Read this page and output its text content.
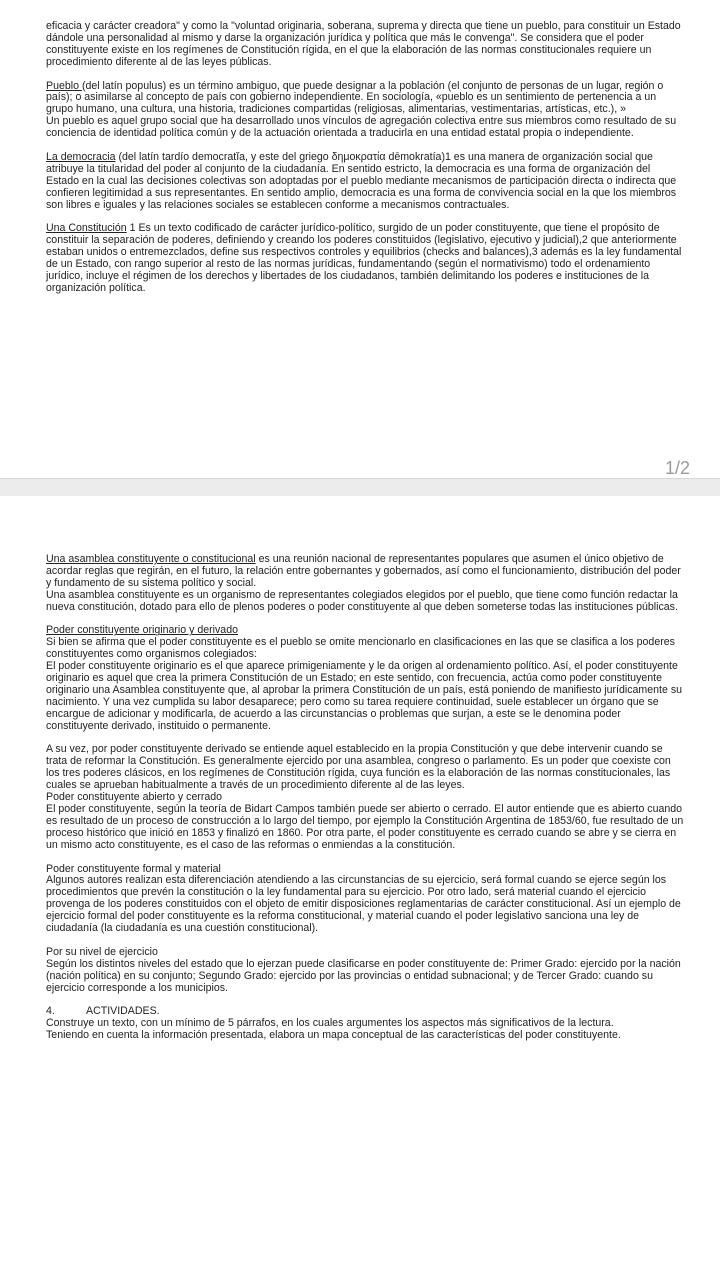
eficacia y carácter creadora" y como la "voluntad originaria, soberana, suprema y directa que tiene un pueblo, para constituir un Estado dándole una personalidad al mismo y darse la organización jurídica y política que más le convenga". Se considera que el poder constituyente existe en los regímenes de Constitución rígida, en el que la elaboración de las normas constitucionales requiere un procedimiento diferente al de las leyes públicas.

Pueblo (del latín populus) es un término ambiguo, que puede designar a la población (el conjunto de personas de un lugar, región o país); o asimilarse al concepto de país con gobierno independiente. En sociología, «pueblo es un sentimiento de pertenencia a un grupo humano, una cultura, una historia, tradiciones compartidas (religiosas, alimentarias, vestimentarias, artísticas, etc.), »

Un pueblo es aquel grupo social que ha desarrollado unos vínculos de agregación colectiva entre sus miembros como resultado de su conciencia de identidad política común y de la actuación orientada a traducirla en una entidad estatal propia o independiente.

La democracia (del latín tardío democratĭa, y este del griego δημοκρατία dēmokratía)1 es una manera de organización social que atribuye la titularidad del poder al conjunto de la ciudadanía. En sentido estricto, la democracia es una forma de organización del Estado en la cual las decisiones colectivas son adoptadas por el pueblo mediante mecanismos de participación directa o indirecta que confieren legitimidad a sus representantes. En sentido amplio, democracia es una forma de convivencia social en la que los miembros son libres e iguales y las relaciones sociales se establecen conforme a mecanismos contractuales.

Una Constitución 1 Es un texto codificado de carácter jurídico-político, surgido de un poder constituyente, que tiene el propósito de constituir la separación de poderes, definiendo y creando los poderes constituidos (legislativo, ejecutivo y judicial),2 que anteriormente estaban unidos o entremezclados, define sus respectivos controles y equilibrios (checks and balances),3 además es la ley fundamental de un Estado, con rango superior al resto de las normas jurídicas, fundamentando (según el normativismo) todo el ordenamiento jurídico, incluye el régimen de los derechos y libertades de los ciudadanos, también delimitando los poderes e instituciones de la organización política.

1/2

Una asamblea constituyente o constitucional es una reunión nacional de representantes populares que asumen el único objetivo de acordar reglas que regirán, en el futuro, la relación entre gobernantes y gobernados, así como el funcionamiento, distribución del poder y fundamento de su sistema político y social.

Una asamblea constituyente es un organismo de representantes colegiados elegidos por el pueblo, que tiene como función redactar la nueva constitución, dotado para ello de plenos poderes o poder constituyente al que deben someterse todas las instituciones públicas.

Poder constituyente originario y derivado

Si bien se afirma que el poder constituyente es el pueblo se omite mencionarlo en clasificaciones en las que se clasifica a los poderes constituyentes como organismos colegiados:

El poder constituyente originario es el que aparece primigeniamente y le da origen al ordenamiento político. Así, el poder constituyente originario es aquel que crea la primera Constitución de un Estado; en este sentido, con frecuencia, actúa como poder constituyente originario una Asamblea constituyente que, al aprobar la primera Constitución de un país, está poniendo de manifiesto jurídicamente su nacimiento. Y una vez cumplida su labor desaparece; pero como su tarea requiere continuidad, suele establecer un órgano que se encargue de adicionar y modificarla, de acuerdo a las circunstancias o problemas que surjan, a este se le denomina poder constituyente derivado, instituido o permanente.

A su vez, por poder constituyente derivado se entiende aquel establecido en la propia Constitución y que debe intervenir cuando se trata de reformar la Constitución. Es generalmente ejercido por una asamblea, congreso o parlamento. Es un poder que coexiste con los tres poderes clásicos, en los regímenes de Constitución rígida, cuya función es la elaboración de las normas constitucionales, las cuales se aprueban habitualmente a través de un procedimiento diferente al de las leyes.

Poder constituyente abierto y cerrado

El poder constituyente, según la teoría de Bidart Campos también puede ser abierto o cerrado. El autor entiende que es abierto cuando es resultado de un proceso de construcción a lo largo del tiempo, por ejemplo la Constitución Argentina de 1853/60, fue resultado de un proceso histórico que inició en 1853 y finalizó en 1860. Por otra parte, el poder constituyente es cerrado cuando se abre y se cierra en un mismo acto constituyente, es el caso de las reformas o enmiendas a la constitución.

Poder constituyente formal y material

Algunos autores realizan esta diferenciación atendiendo a las circunstancias de su ejercicio, será formal cuando se ejerce según los procedimientos que prevén la constitución o la ley fundamental para su ejercicio. Por otro lado, será material cuando el ejercicio provenga de los poderes constituidos con el objeto de emitir disposiciones reglamentarias de carácter constitucional. Así un ejemplo de ejercicio formal del poder constituyente es la reforma constitucional, y material cuando el poder legislativo sanciona una ley de ciudadanía (la ciudadanía es una cuestión constitucional).

Por su nivel de ejercicio

Según los distintos niveles del estado que lo ejerzan puede clasificarse en poder constituyente de: Primer Grado: ejercido por la nación (nación política) en su conjunto; Segundo Grado: ejercido por las provincias o entidad subnacional; y de Tercer Grado: cuando su ejercicio corresponde a los municipios.

4.	ACTIVIDADES.

Construye un texto, con un mínimo de 5 párrafos, en los cuales argumentes los aspectos más significativos de la lectura.

Teniendo en cuenta la información presentada, elabora un mapa conceptual de las características del poder constituyente.
